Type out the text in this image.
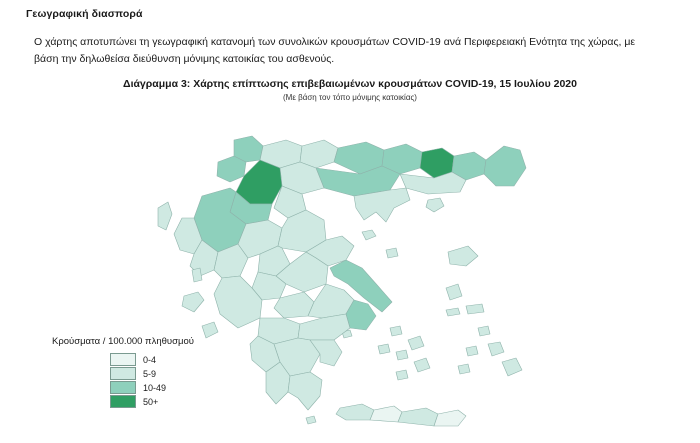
Γεωγραφική διασπορά
Ο χάρτης αποτυπώνει τη γεωγραφική κατανομή των συνολικών κρουσμάτων COVID-19 ανά Περιφερειακή Ενότητα της χώρας, με βάση την δηλωθείσα διεύθυνση μόνιμης κατοικίας του ασθενούς.
Διάγραμμα 3: Χάρτης επίπτωσης επιβεβαιωμένων κρουσμάτων COVID-19, 15 Ιουλίου 2020
(Με βάση τον τόπο μόνιμης κατοικίας)
Κρούσματα / 100.000 πληθυσμού
0-4
5-9
10-49
50+
